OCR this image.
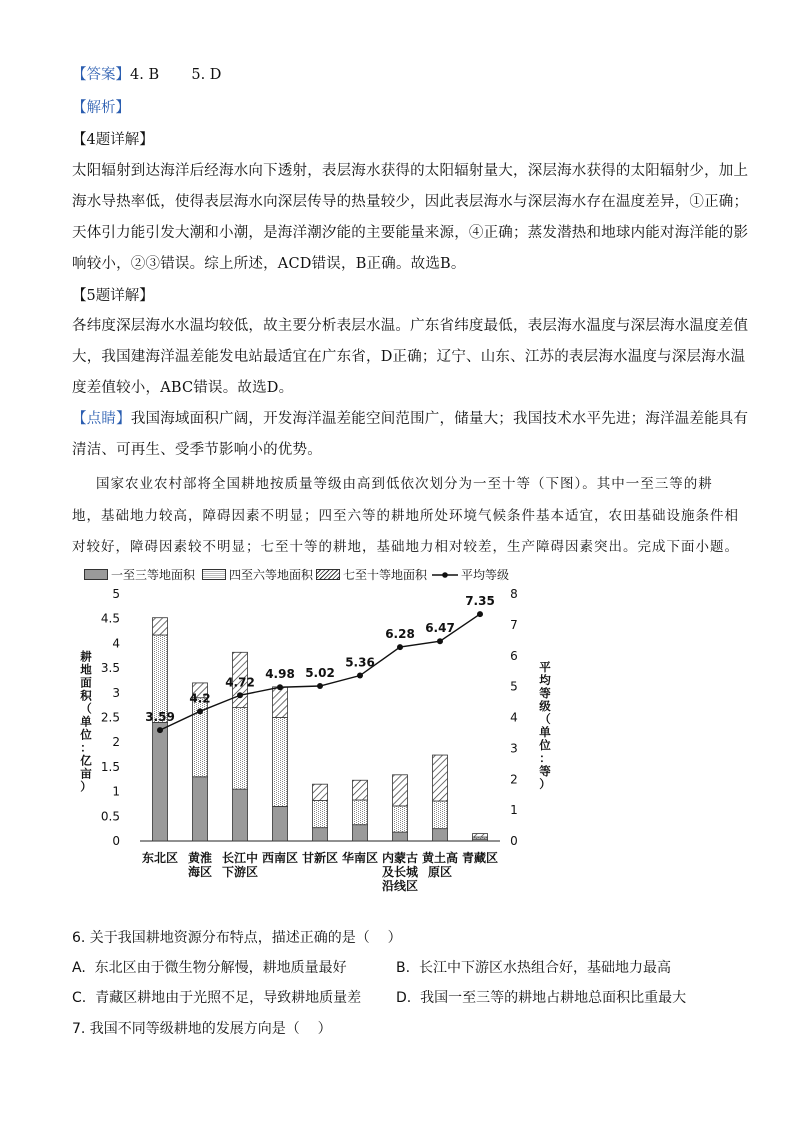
【答案】4. B       5. D
【解析】
【4题详解】
太阳辐射到达海洋后经海水向下透射，表层海水获得的太阳辐射量大，深层海水获得的太阳辐射少，加上
海水导热率低，使得表层海水向深层传导的热量较少，因此表层海水与深层海水存在温度差异，①正确；
天体引力能引发大潮和小潮，是海洋潮汐能的主要能量来源，④正确；蒸发潜热和地球内能对海洋能的影
响较小，②③错误。综上所述，ACD错误，B正确。故选B。
【5题详解】
各纬度深层海水水温均较低，故主要分析表层水温。广东省纬度最低，表层海水温度与深层海水温度差值
大，我国建海洋温差能发电站最适宜在广东省，D正确；辽宁、山东、江苏的表层海水温度与深层海水温
度差值较小，ABC错误。故选D。
【点睛】我国海域面积广阔，开发海洋温差能空间范围广，储量大；我国技术水平先进；海洋温差能具有
清洁、可再生、受季节影响小的优势。
国家农业农村部将全国耕地按质量等级由高到低依次划分为一至十等（下图）。其中一至三等的耕
地，基础地力较高，障碍因素不明显；四至六等的耕地所处环境气候条件基本适宜，农田基础设施条件相
对较好，障碍因素较不明显；七至十等的耕地，基础地力相对较差，生产障碍因素突出。完成下面小题。
一至三等地面积	四至六等地面积 七至十等地面积	平均等级
0
0.5
1
1.5
2
2.5
3
3.5
4
4.5
5
0
1
2
3
4
5
6
7
8
耕
地
面
积
（
单
位
：
亿
亩
）
平
均
等
级
（
单
位
：
等
）
3.59
4.2
4.72
4.98 5.02
5.36
6.28 6.47
7.35
东北区 黄淮
海区
长江中
下游区
西南区 甘新区 华南区 内蒙古
及长城
沿线区
黄土高
原区
青藏区
6. 关于我国耕地资源分布特点，描述正确的是（    ）
A.  东北区由于微生物分解慢，耕地质量最好	B.  长江中下游区水热组合好，基础地力最高
C.  青藏区耕地由于光照不足，导致耕地质量差 D.  我国一至三等的耕地占耕地总面积比重最大
7. 我国不同等级耕地的发展方向是（    ）
